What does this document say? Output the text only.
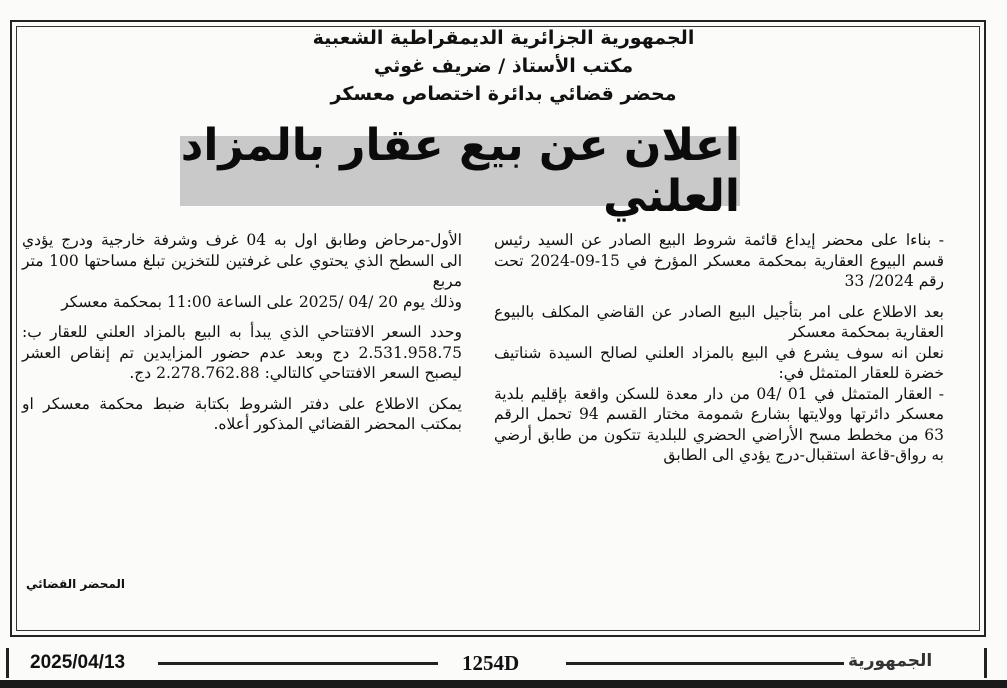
الجمهورية الجزائرية الديمقراطية الشعبية
مكتب الأستاذ / ضريف غوثي
محضر قضائي بدائرة اختصاص معسكر
اعلان عن بيع عقار بالمزاد العلني

- بناءا على محضر إيداع قائمة شروط البيع الصادر عن السيد رئيس قسم البيوع العقارية بمحكمة معسكر المؤرخ في 15-09-2024 تحت رقم 2024/ 33

بعد الاطلاع على امر بتأجيل البيع الصادر عن القاضي المكلف بالبيوع العقارية بمحكمة معسكر

نعلن انه سوف يشرع في البيع بالمزاد العلني لصالح السيدة شناتيف خضرة للعقار المتمثل في:

- العقار المتمثل في 01 /04 من دار معدة للسكن واقعة بإقليم بلدية معسكر دائرتها وولايتها بشارع شمومة مختار القسم 94 تحمل الرقم 63 من مخطط مسح الأراضي الحضري للبلدية تتكون من طابق أرضي به رواق-قاعة استقبال-درج يؤدي الى الطابق

الأول-مرحاض وطابق اول به 04 غرف وشرفة خارجية ودرج يؤدي الى السطح الذي يحتوي على غرفتين للتخزين تبلغ مساحتها 100 متر مربع

وذلك يوم 20 /04 /2025 على الساعة 11:00 بمحكمة معسكر

وحدد السعر الافتتاحي الذي يبدأ به البيع بالمزاد العلني للعقار ب: 2.531.958.75 دج وبعد عدم حضور المزايدين تم إنقاص العشر ليصبح السعر الافتتاحي كالتالي: 2.278.762.88 دج.

يمكن الاطلاع على دفتر الشروط بكتابة ضبط محكمة معسكر او بمكتب المحضر القضائي المذكور أعلاه.

المحضر القضائي
2025/04/13	1254D	الجمهورية
